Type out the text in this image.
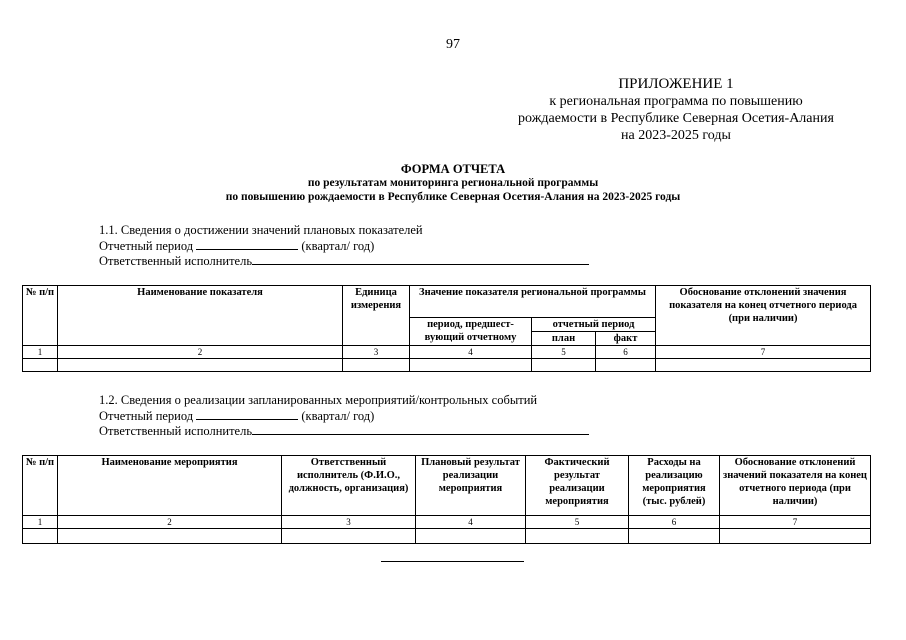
97
ПРИЛОЖЕНИЕ 1
к региональная программа по повышению
рождаемости в Республике Северная Осетия-Алания
на 2023-2025 годы
ФОРМА ОТЧЕТА
по результатам мониторинга региональной программы
по повышению рождаемости в Республике Северная Осетия-Алания на 2023-2025 годы
1.1. Сведения о достижении значений плановых показателей
Отчетный период	(квартал/ год)
Ответственный исполнитель
№ п/п	Наименование показателя	Единица измерения	Значение показателя региональной программы			Обоснование отклонений значения показателя на конец отчетного периода (при наличии)
			период, предшест-вующий отчетному	отчетный период		
				план	факт	
1	2	3	4	5	6	7

1.2. Сведения о реализации запланированных мероприятий/контрольных событий
Отчетный период	(квартал/ год)
Ответственный исполнитель
№ п/п	Наименование мероприятия	Ответственный исполнитель (Ф.И.О., должность, организация)	Плановый результат реализации мероприятия	Фактический результат реализации мероприятия	Расходы на реализацию мероприятия (тыс. рублей)	Обоснование отклонений значений показателя на конец отчетного периода (при наличии)
1	2	3	4	5	6	7
